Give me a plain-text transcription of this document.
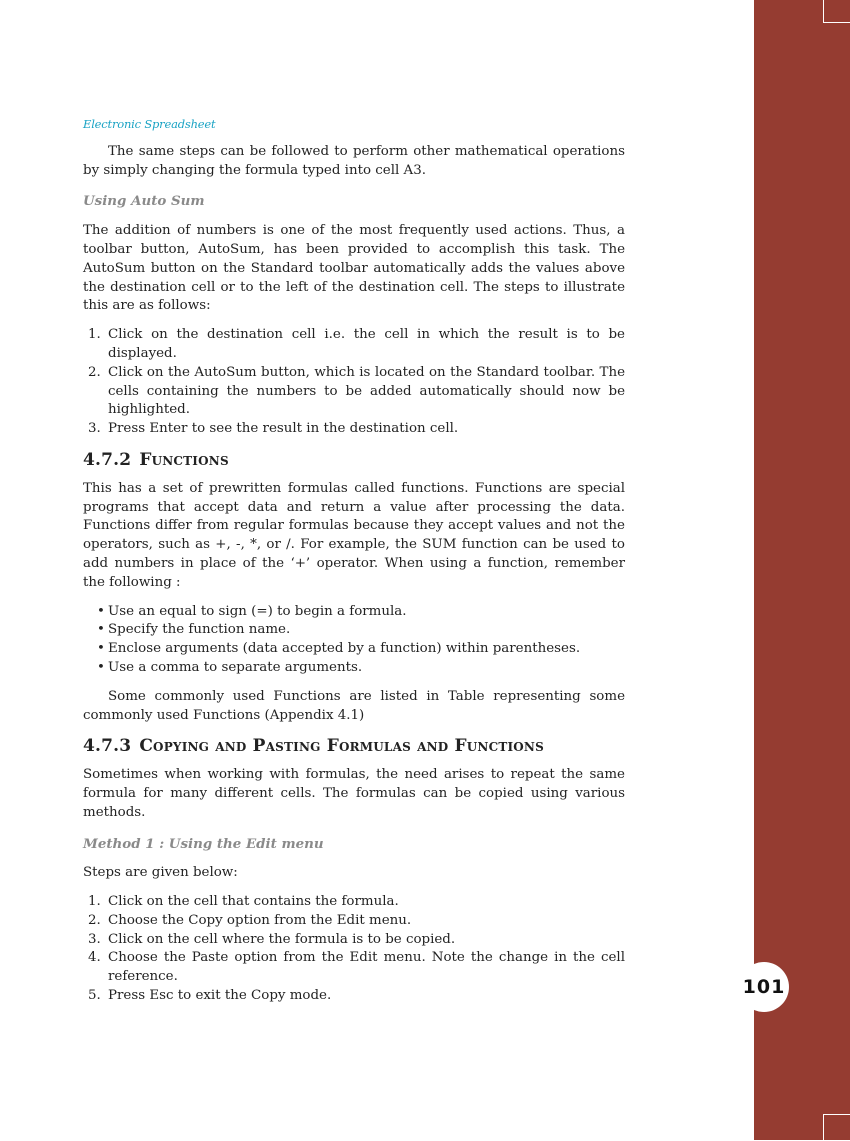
101
Electronic Spreadsheet

The same steps can be followed to perform other mathematical operations by simply changing the formula typed into cell A3.

Using Auto Sum

The addition of numbers is one of the most frequently used actions. Thus, a toolbar button, AutoSum, has been provided to accomplish this task. The AutoSum button on the Standard toolbar automatically adds the values above the destination cell or to the left of the destination cell. The steps to illustrate this are as follows:

1. Click on the destination cell i.e. the cell in which the result is to be displayed.
2. Click on the AutoSum button, which is located on the Standard toolbar. The cells containing the numbers to be added automatically should now be highlighted.
3. Press Enter to see the result in the destination cell.
4.7.2 Functions

This has a set of prewritten formulas called functions. Functions are special programs that accept data and return a value after processing the data. Functions differ from regular formulas because they accept values and not the operators, such as +, -, *, or /. For example, the SUM function can be used to add numbers in place of the ‘+’ operator. When using a function, remember the following :

• Use an equal to sign (=) to begin a formula.
• Specify the function name.
• Enclose arguments (data accepted by a function) within parentheses.
• Use a comma to separate arguments.

Some commonly used Functions are listed in Table representing some commonly used Functions (Appendix 4.1)

4.7.3 Copying and Pasting Formulas and Functions

Sometimes when working with formulas, the need arises to repeat the same formula for many different cells. The formulas can be copied using various methods.

Method 1 : Using the Edit menu

Steps are given below:

1. Click on the cell that contains the formula.
2. Choose the Copy option from the Edit menu.
3. Click on the cell where the formula is to be copied.
4. Choose the Paste option from the Edit menu. Note the change in the cell reference.
5. Press Esc to exit the Copy mode.
